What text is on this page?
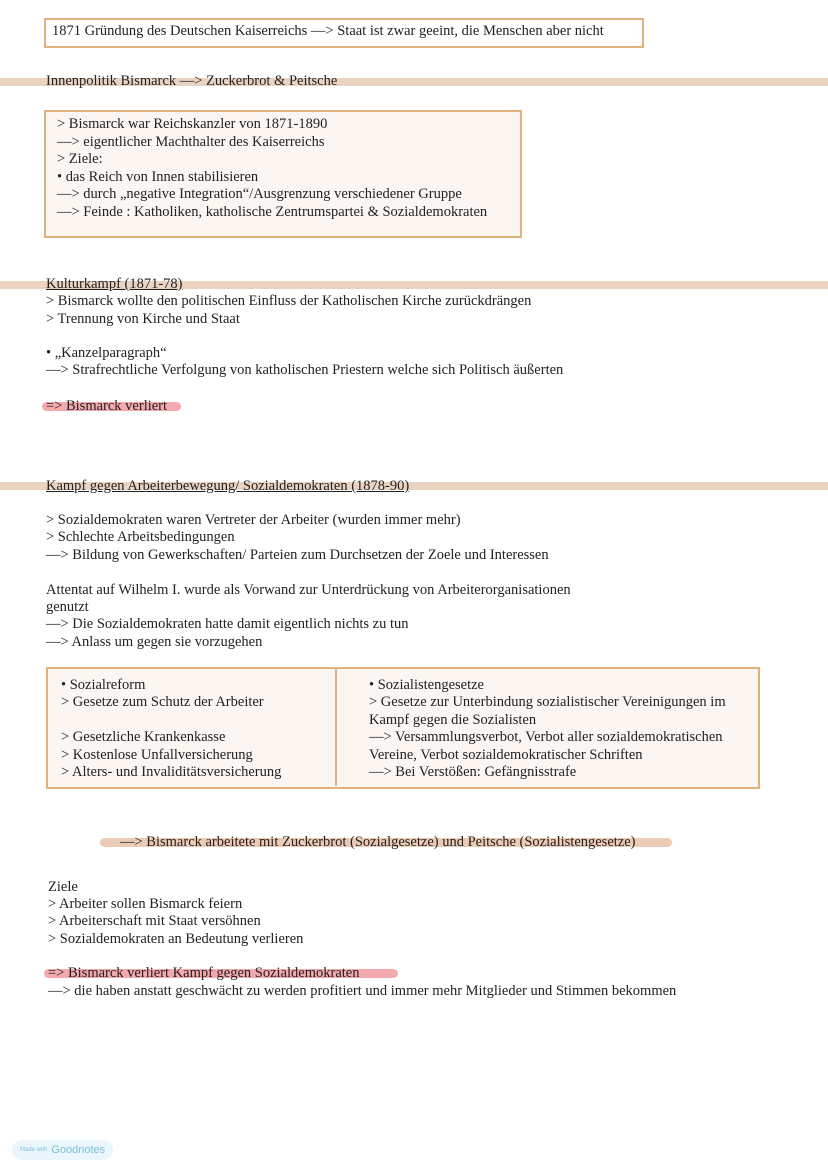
1871 Gründung des Deutschen Kaiserreichs —> Staat ist zwar geeint, die Menschen aber nicht
Innenpolitik Bismarck —> Zuckerbrot & Peitsche
Kulturkampf (1871-78)
> Bismarck wollte den politischen Einfluss der Katholischen Kirche zurückdrängen
> Trennung von Kirche und Staat
• „Kanzelparagraph“
—> Strafrechtliche Verfolgung von katholischen Priestern welche sich Politisch äußerten
=> Bismarck verliert
Kampf gegen Arbeiterbewegung/ Sozialdemokraten (1878-90)
> Sozialdemokraten waren Vertreter der Arbeiter (wurden immer mehr)
> Schlechte Arbeitsbedingungen
—> Bildung von Gewerkschaften/ Parteien zum Durchsetzen der Zoele und Interessen
Attentat auf Wilhelm I. wurde als Vorwand zur Unterdrückung von Arbeiterorganisationen
genutzt
—> Die Sozialdemokraten hatte damit eigentlich nichts zu tun
—> Anlass um gegen sie vorzugehen
—> Bismarck arbeitete mit Zuckerbrot (Sozialgesetze) und Peitsche (Sozialistengesetze)
Ziele
> Arbeiter sollen Bismarck feiern
> Arbeiterschaft mit Staat versöhnen
> Sozialdemokraten an Bedeutung verlieren
=> Bismarck verliert Kampf gegen Sozialdemokraten
—> die haben anstatt geschwächt zu werden profitiert und immer mehr Mitglieder und Stimmen bekommen
Made with Goodnotes
> Bismarck war Reichskanzler von 1871-1890
—> eigentlicher Machthalter des Kaiserreichs
> Ziele:
• das Reich von Innen stabilisieren
—> durch „negative Integration“/Ausgrenzung verschiedener Gruppe
—> Feinde : Katholiken, katholische Zentrumspartei & Sozialdemokraten
• Sozialreform
> Gesetze zum Schutz der Arbeiter
> Gesetzliche Krankenkasse
> Kostenlose Unfallversicherung
> Alters- und Invaliditätsversicherung
• Sozialistengesetze
> Gesetze zur Unterbindung sozialistischer Vereinigungen im
Kampf gegen die Sozialisten
—> Versammlungsverbot, Verbot aller sozialdemokratischen
Vereine, Verbot sozialdemokratischer Schriften
—> Bei Verstößen: Gefängnisstrafe
